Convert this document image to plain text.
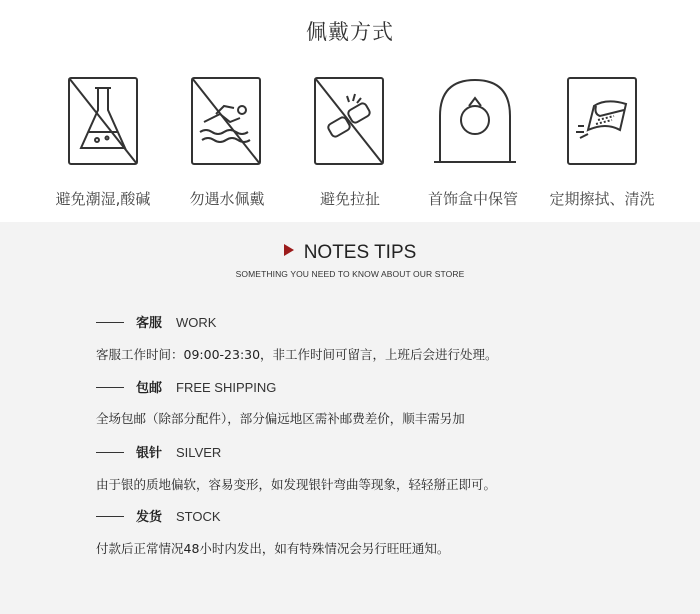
佩戴方式
避免潮湿,酸碱	勿遇水佩戴	避免拉扯	首饰盒中保管	定期擦拭、清洗
NOTES TIPS
SOMETHING YOU NEED TO KNOW ABOUT OUR STORE
客服 WORK
客服工作时间：09:00-23:30，非工作时间可留言，上班后会进行处理。
包邮 FREE SHIPPING
全场包邮（除部分配件），部分偏远地区需补邮费差价，顺丰需另加
银针 SILVER
由于银的质地偏软，容易变形，如发现银针弯曲等现象，轻轻掰正即可。
发货 STOCK
付款后正常情况48小时内发出，如有特殊情况会另行旺旺通知。
